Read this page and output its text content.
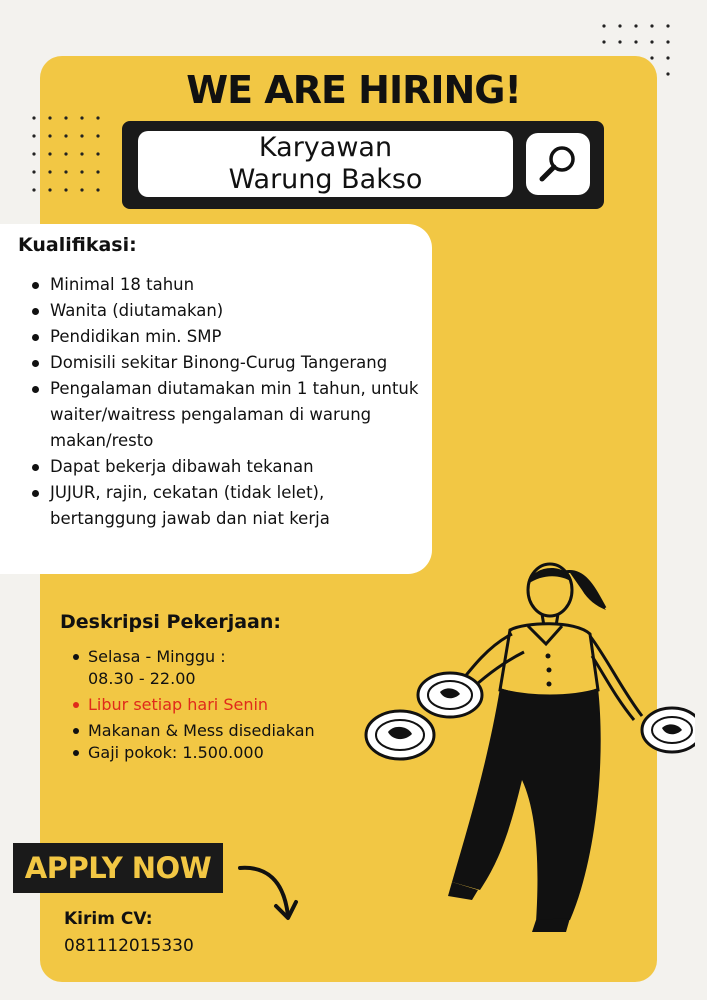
WE ARE HIRING!
Karyawan
Warung Bakso
Kualifikasi:
Minimal 18 tahun
Wanita (diutamakan)
Pendidikan min. SMP
Domisili sekitar Binong-Curug Tangerang
Pengalaman diutamakan min 1 tahun, untuk waiter/waitress pengalaman di warung makan/resto
Dapat bekerja dibawah tekanan
JUJUR, rajin, cekatan (tidak lelet), bertanggung jawab dan niat kerja
Deskripsi Pekerjaan:
Selasa - Minggu :
08.30 - 22.00
Libur setiap hari Senin
Makanan & Mess disediakan
Gaji pokok: 1.500.000
APPLY NOW
Kirim CV:
081112015330
